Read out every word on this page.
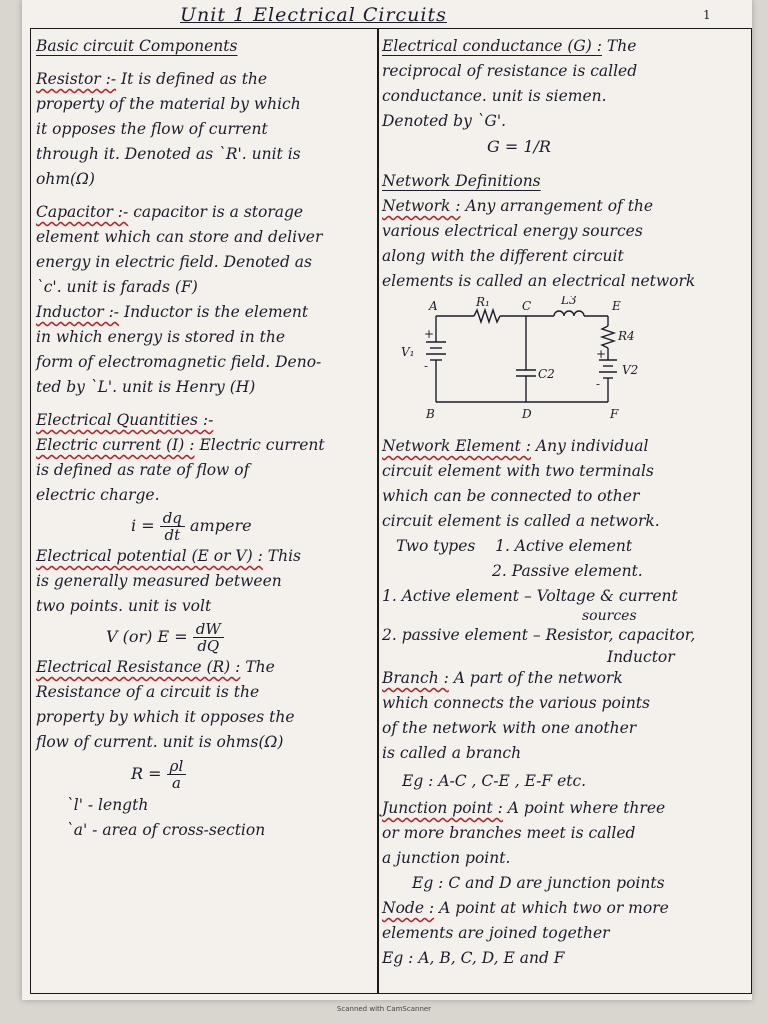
Unit 1 Electrical Circuits	1
Basic circuit Components
Resistor :- It is defined as the
property of the material by which
it opposes the flow of current
through it. Denoted as `R'. unit is
ohm(Ω)
Capacitor :- capacitor is a storage
element which can store and deliver
energy in electric field. Denoted as
`c'. unit is farads (F)
Inductor :- Inductor is the element
in which energy is stored in the
form of electromagnetic field. Deno-
ted by `L'. unit is Henry (H)
Electrical Quantities :-
Electric current (I) : Electric current
is defined as rate of flow of
electric charge.
$i = \frac{dq}{dt}$ ampere
Electrical potential (E or V) : This
is generally measured between
two points. unit is volt
V (or) $E = \frac{dW}{dQ}$
Electrical Resistance (R) : The
Resistance of a circuit is the
property by which it opposes the
flow of current. unit is ohms(Ω)
$R = \frac{\rho l}{a}$
`l' - length
`a' - area of cross-section
Electrical conductance (G) : The
reciprocal of resistance is called
conductance. unit is siemen.
Denoted by `G'.
G = 1/R
Network Definitions
Network : Any arrangement of the
various electrical energy sources
along with the different circuit
elements is called an electrical network
A	R₁	C L3	E
R4
C2	V2
V₁
+
-
+
-
B	D	F
Network Element : Any individual
circuit element with two terminals
which can be connected to other
circuit element is called a network.
Two types 1. Active element
2. Passive element.
1. Active element – Voltage & current
sources
2. passive element – Resistor, capacitor,
Inductor
Branch : A part of the network
which connects the various points
of the network with one another
is called a branch
Eg : A-C , C-E , E-F etc.
Junction point : A point where three
or more branches meet is called
a junction point.
Eg : C and D are junction points
Node : A point at which two or more
elements are joined together
Eg : A, B, C, D, E and F
Scanned with CamScanner
